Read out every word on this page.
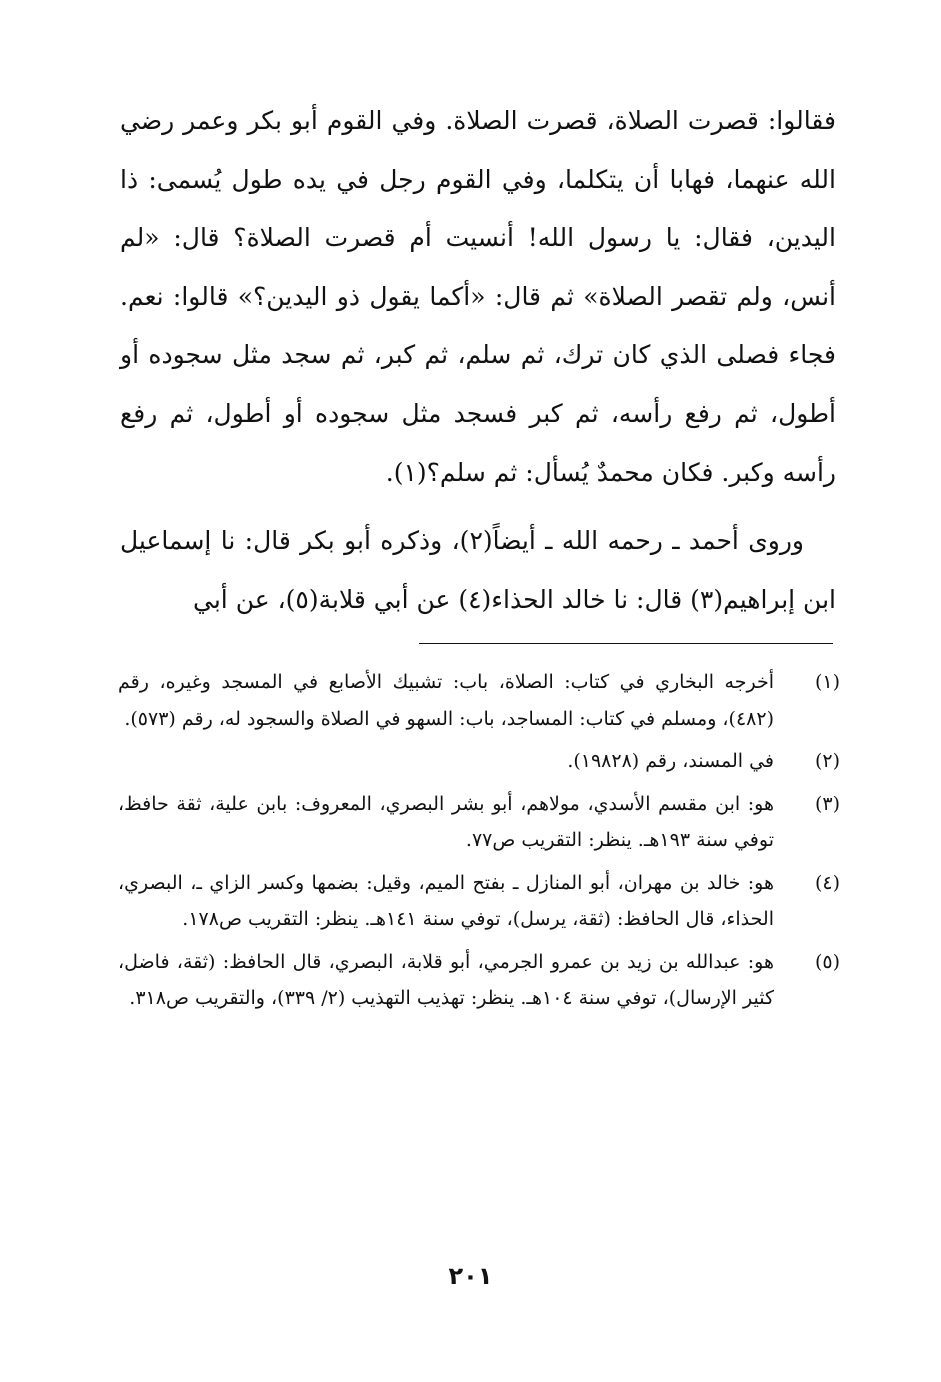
فقالوا: قصرت الصلاة، قصرت الصلاة. وفي القوم أبو بكر وعمر رضي الله عنهما، فهابا أن يتكلما، وفي القوم رجل في يده طول يُسمى: ذا اليدين، فقال: يا رسول الله! أنسيت أم قصرت الصلاة؟ قال: «لم أنس، ولم تقصر الصلاة» ثم قال: «أكما يقول ذو اليدين؟» قالوا: نعم. فجاء فصلى الذي كان ترك، ثم سلم، ثم كبر، ثم سجد مثل سجوده أو أطول، ثم رفع رأسه، ثم كبر فسجد مثل سجوده أو أطول، ثم رفع رأسه وكبر. فكان محمدٌ يُسأل: ثم سلم؟(١).

وروى أحمد ـ رحمه الله ـ أيضاً(٢)، وذكره أبو بكر قال: نا إسماعيل ابن إبراهيم(٣) قال: نا خالد الحذاء(٤) عن أبي قلابة(٥)، عن أبي

(١)
أخرجه البخاري في كتاب: الصلاة، باب: تشبيك الأصابع في المسجد وغيره، رقم (٤٨٢)، ومسلم في كتاب: المساجد، باب: السهو في الصلاة والسجود له، رقم (٥٧٣).
(٢)
في المسند، رقم (١٩٨٢٨).
(٣)
هو: ابن مقسم الأسدي، مولاهم، أبو بشر البصري، المعروف: بابن علية، ثقة حافظ، توفي سنة ١٩٣هـ. ينظر: التقريب ص٧٧.
(٤)
هو: خالد بن مهران، أبو المنازل ـ بفتح الميم، وقيل: بضمها وكسر الزاي ـ، البصري، الحذاء، قال الحافظ: (ثقة، يرسل)، توفي سنة ١٤١هـ. ينظر: التقريب ص١٧٨.
(٥)
هو: عبدالله بن زيد بن عمرو الجرمي، أبو قلابة، البصري، قال الحافظ: (ثقة، فاضل، كثير الإرسال)، توفي سنة ١٠٤هـ. ينظر: تهذيب التهذيب (٢/ ٣٣٩)، والتقريب ص٣١٨.
٢٠١
